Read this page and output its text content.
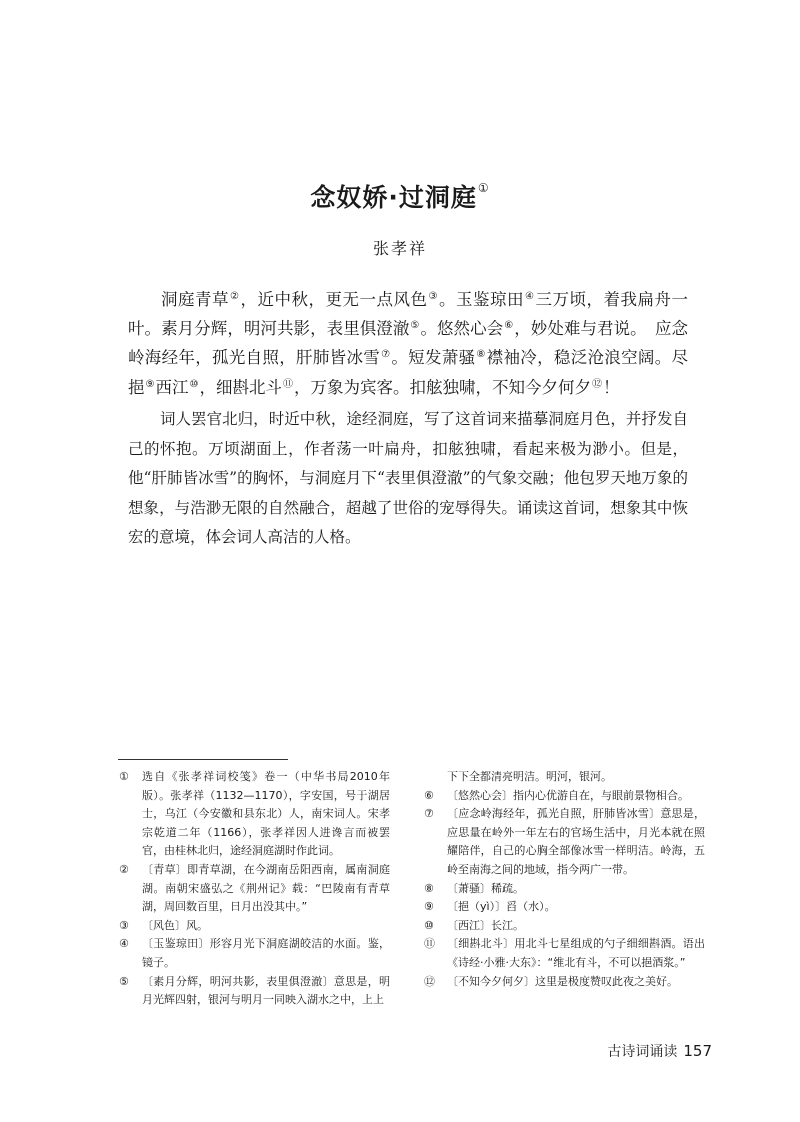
念奴娇·过洞庭①
张孝祥
洞庭青草②，近中秋，更无一点风色③。玉鉴琼田④三万顷，着我扁舟一叶。素月分辉，明河共影，表里俱澄澈⑤。悠然心会⑥，妙处难与君说。　应念岭海经年，孤光自照，肝肺皆冰雪⑦。短发萧骚⑧襟袖冷，稳泛沧浪空阔。尽挹⑨西江⑩，细斟北斗⑪，万象为宾客。扣舷独啸，不知今夕何夕⑫！
词人罢官北归，时近中秋，途经洞庭，写了这首词来描摹洞庭月色，并抒发自己的怀抱。万顷湖面上，作者荡一叶扁舟，扣舷独啸，看起来极为渺小。但是，他“肝肺皆冰雪”的胸怀，与洞庭月下“表里俱澄澈”的气象交融；他包罗天地万象的想象，与浩渺无限的自然融合，超越了世俗的宠辱得失。诵读这首词，想象其中恢宏的意境，体会词人高洁的人格。
① 选自《张孝祥词校笺》卷一（中华书局2010年版）。张孝祥（1132—1170），字安国，号于湖居士，乌江（今安徽和县东北）人，南宋词人。宋孝宗乾道二年（1166），张孝祥因人进谗言而被罢官，由桂林北归，途经洞庭湖时作此词。
② 〔青草〕即青草湖，在今湖南岳阳西南，属南洞庭湖。南朝宋盛弘之《荆州记》载：“巴陵南有青草湖，周回数百里，日月出没其中。”
③ 〔风色〕风。
④ 〔玉鉴琼田〕形容月光下洞庭湖皎洁的水面。鉴，镜子。
⑤ 〔素月分辉，明河共影，表里俱澄澈〕意思是，明月光辉四射，银河与明月一同映入湖水之中，上上
下下全都清亮明洁。明河，银河。
⑥ 〔悠然心会〕指内心优游自在，与眼前景物相合。
⑦ 〔应念岭海经年，孤光自照，肝肺皆冰雪〕意思是，应思量在岭外一年左右的官场生活中，月光本就在照耀陪伴，自己的心胸全部像冰雪一样明洁。岭海，五岭至南海之间的地域，指今两广一带。
⑧ 〔萧骚〕稀疏。
⑨ 〔挹（yì）〕舀（水）。
⑩ 〔西江〕长江。
⑪ 〔细斟北斗〕用北斗七星组成的勺子细细斟酒。语出《诗经·小雅·大东》：“维北有斗，不可以挹酒浆。”
⑫ 〔不知今夕何夕〕这里是极度赞叹此夜之美好。
古诗词诵读 157
